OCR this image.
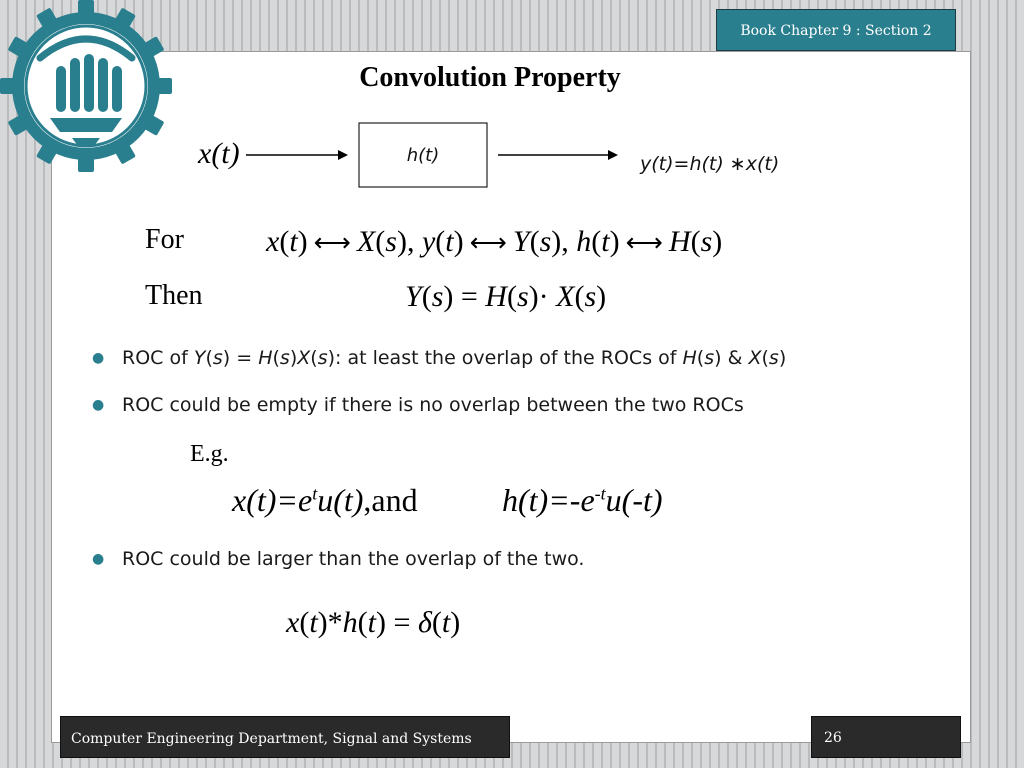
Book Chapter 9 : Section 2
Convolution Property
x(t)	h(t)	y(t)=h(t) ∗x(t)
For
Then
x(t) ⟷ X(s), y(t) ⟷ Y(s), h(t) ⟷ H(s)
Y(s) = H(s)· X(s)
● ROC of Y(s) = H(s)X(s): at least the overlap of the ROCs of H(s) & X(s)
● ROC could be empty if there is no overlap between the two ROCs
E.g.
$x(t)=e^tu(t),and$	$h(t)=-e^{-t}u(-t)$
● ROC could be larger than the overlap of the two.
x(t)*h(t) = δ(t)
Computer Engineering Department, Signal and Systems	26
